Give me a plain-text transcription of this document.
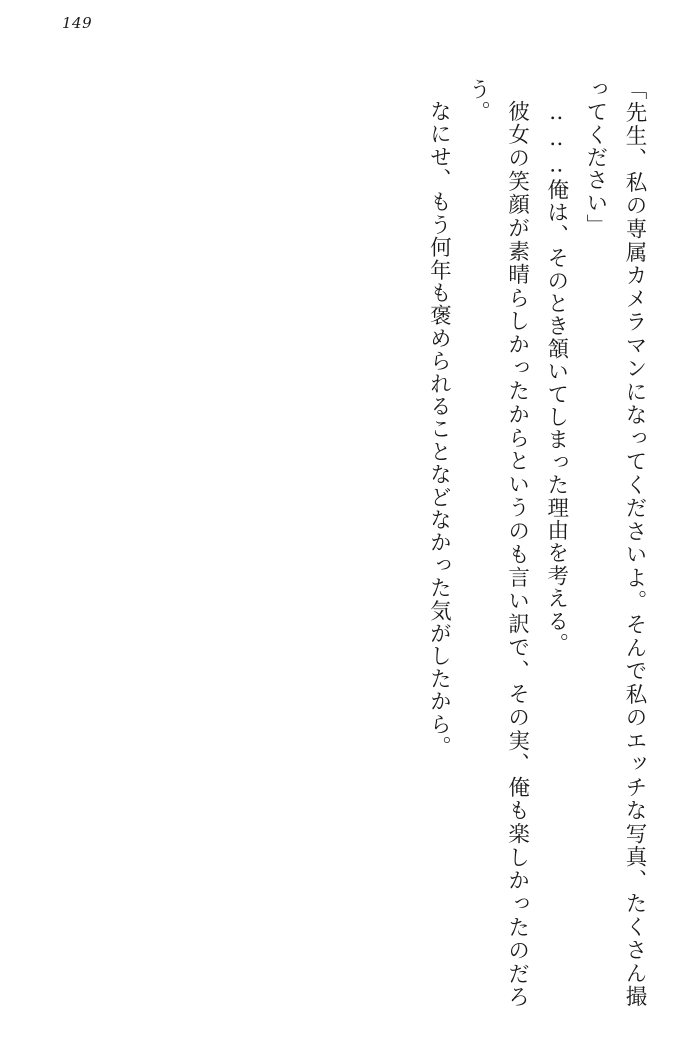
149

「先生、私の専属カメラマンになってくださいよ。そんで私のエッチな写真、たくさん撮ってください」

‥‥‥俺は、そのとき頷いてしまった理由を考える。

彼女の笑顔が素晴らしかったからというのも言い訳で、その実、俺も楽しかったのだろう。

なにせ、もう何年も褒められることなどなかった気がしたから。
